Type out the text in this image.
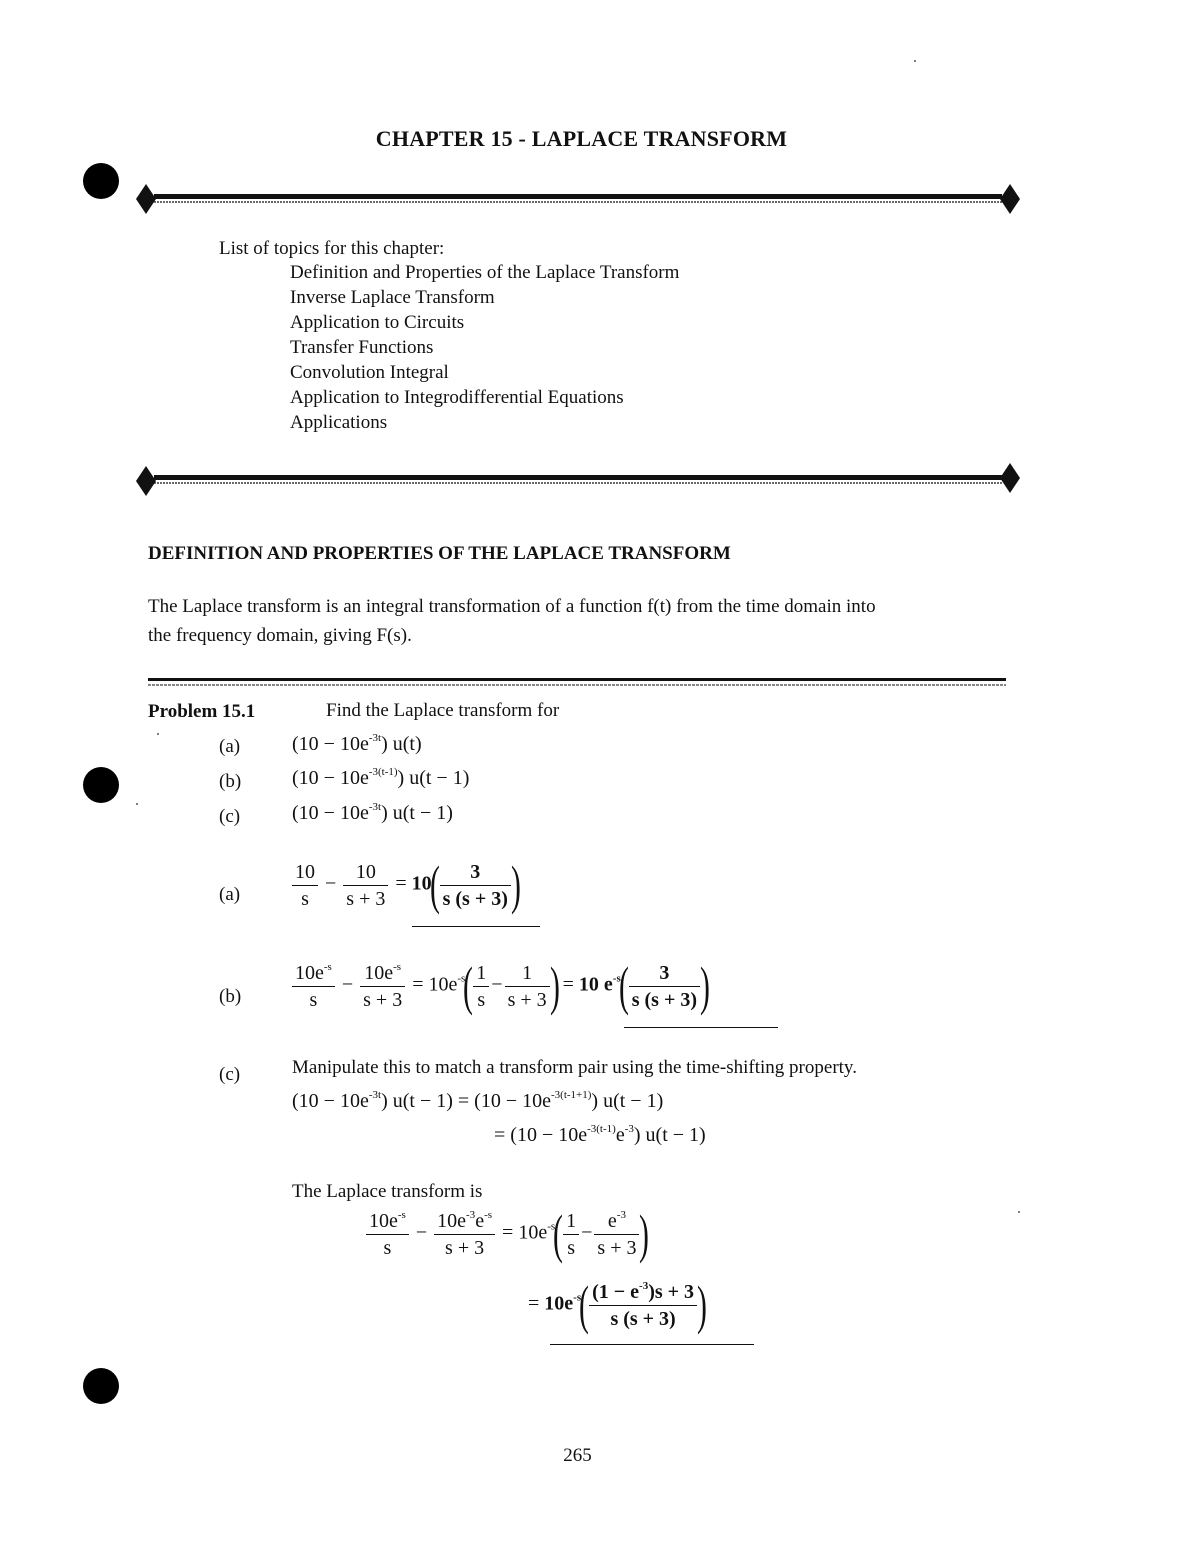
CHAPTER 15 - LAPLACE TRANSFORM
List of topics for this chapter:
Definition and Properties of the Laplace Transform
Inverse Laplace Transform
Application to Circuits
Transfer Functions
Convolution Integral
Application to Integrodifferential Equations
Applications
DEFINITION AND PROPERTIES OF THE LAPLACE TRANSFORM
The Laplace transform is an integral transformation of a function f(t) from the time domain into
the frequency domain, giving F(s).
Problem 15.1	Find the Laplace transform for
(a)	$(10 - 10e^{-3t})$ u(t)
(b)	$(10 - 10e^{-3(t-1)})$ u(t − 1)
(c)	$(10 - 10e^{-3t})$ u(t − 1)
(a)	$\frac{10}{s} - \frac{10}{s + 3} = 10( \frac{3}{s (s + 3)}$ )
(b)	$\frac{10e^{-s}}{s} - \frac{10e^{-s}}{s + 3} = 10e^{-s}( \frac{1}{s} - \frac{1}{s + 3}$ ) = 10 $e^{-s}( \frac{3}{s (s + 3)}$ )
(c)	Manipulate this to match a transform pair using the time-shifting property.
$(10 - 10e^{-3t})$ $u(t - 1) = (10 - 10e^{-3(t-1+1)})$ u(t − 1)
= $(10 - 10e^{-3(t-1)}e^{-3})$ u(t − 1)
The Laplace transform is
$\frac{10e^{-s}}{s} - \frac{10e^{-3}e^{-s}}{s + 3} = 10e^{-s}( \frac{1}{s} - \frac{e^{-3}}{s + 3}$ )
= $10e^{-s}( \frac{(1 - e^{-3})s + 3}{s (s + 3)}$ )
265
